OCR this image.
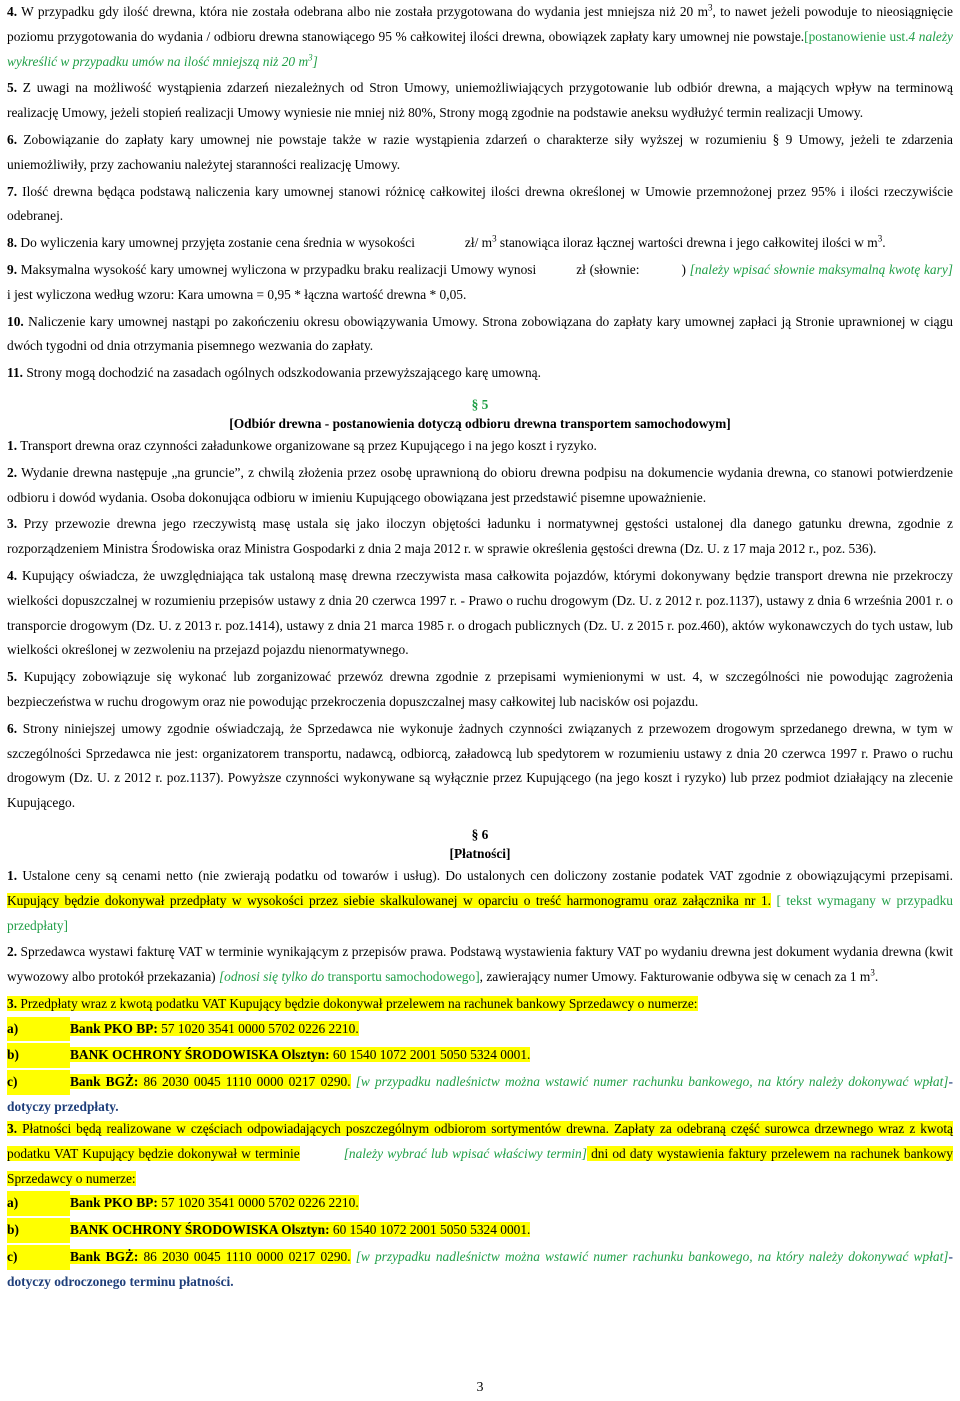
4. W przypadku gdy ilość drewna, która nie została odebrana albo nie została przygotowana do wydania jest mniejsza niż 20 $m^3$, to nawet jeżeli powoduje to nieosiągnięcie poziomu przygotowania do wydania / odbioru drewna stanowiącego 95 % całkowitej ilości drewna, obowiązek zapłaty kary umownej nie powstaje.[postanowienie ust.4 należy wykreślić w przypadku umów na ilość mniejszą niż 20 $m^3$]

5. Z uwagi na możliwość wystąpienia zdarzeń niezależnych od Stron Umowy, uniemożliwiających przygotowanie lub odbiór drewna, a mających wpływ na terminową realizację Umowy, jeżeli stopień realizacji Umowy wyniesie nie mniej niż 80%, Strony mogą zgodnie na podstawie aneksu wydłużyć termin realizacji Umowy.

6. Zobowiązanie do zapłaty kary umownej nie powstaje także w razie wystąpienia zdarzeń o charakterze siły wyższej w rozumieniu § 9 Umowy, jeżeli te zdarzenia uniemożliwiły, przy zachowaniu należytej staranności realizację Umowy.

7. Ilość drewna będąca podstawą naliczenia kary umownej stanowi różnicę całkowitej ilości drewna określonej w Umowie przemnożonej przez 95% i ilości rzeczywiście odebranej.

8. Do wyliczenia kary umownej przyjęta zostanie cena średnia w wysokości	zł/ $m^3$ stanowiąca iloraz łącznej wartości drewna i jego całkowitej ilości w $m^3$.

9. Maksymalna wysokość kary umownej wyliczona w przypadku braku realizacji Umowy wynosi	zł (słownie:	) [należy wpisać słownie maksymalną kwotę kary] i jest wyliczona według wzoru: Kara umowna = 0,95 * łączna wartość drewna * 0,05.

10. Naliczenie kary umownej nastąpi po zakończeniu okresu obowiązywania Umowy. Strona zobowiązana do zapłaty kary umownej zapłaci ją Stronie uprawnionej w ciągu dwóch tygodni od dnia otrzymania pisemnego wezwania do zapłaty.

11. Strony mogą dochodzić na zasadach ogólnych odszkodowania przewyższającego karę umowną.

§ 5

[Odbiór drewna - postanowienia dotyczą odbioru drewna transportem samochodowym]

1. Transport drewna oraz czynności załadunkowe organizowane są przez Kupującego i na jego koszt i ryzyko.

2. Wydanie drewna następuje „na gruncie”, z chwilą złożenia przez osobę uprawnioną do obioru drewna podpisu na dokumencie wydania drewna, co stanowi potwierdzenie odbioru i dowód wydania. Osoba dokonująca odbioru w imieniu Kupującego obowiązana jest przedstawić pisemne upoważnienie.

3. Przy przewozie drewna jego rzeczywistą masę ustala się jako iloczyn objętości ładunku i normatywnej gęstości ustalonej dla danego gatunku drewna, zgodnie z rozporządzeniem Ministra Środowiska oraz Ministra Gospodarki z dnia 2 maja 2012 r. w sprawie określenia gęstości drewna (Dz. U. z 17 maja 2012 r., poz. 536).

4. Kupujący oświadcza, że uwzględniająca tak ustaloną masę drewna rzeczywista masa całkowita pojazdów, którymi dokonywany będzie transport drewna nie przekroczy wielkości dopuszczalnej w rozumieniu przepisów ustawy z dnia 20 czerwca 1997 r. - Prawo o ruchu drogowym (Dz. U. z 2012 r. poz.1137), ustawy z dnia 6 września 2001 r. o transporcie drogowym (Dz. U. z 2013 r. poz.1414), ustawy z dnia 21 marca 1985 r. o drogach publicznych (Dz. U. z 2015 r. poz.460), aktów wykonawczych do tych ustaw, lub wielkości określonej w zezwoleniu na przejazd pojazdu nienormatywnego.

5. Kupujący zobowiązuje się wykonać lub zorganizować przewóz drewna zgodnie z przepisami wymienionymi w ust. 4, w szczególności nie powodując zagrożenia bezpieczeństwa w ruchu drogowym oraz nie powodując przekroczenia dopuszczalnej masy całkowitej lub nacisków osi pojazdu.

6. Strony niniejszej umowy zgodnie oświadczają, że Sprzedawca nie wykonuje żadnych czynności związanych z przewozem drogowym sprzedanego drewna, w tym w szczególności Sprzedawca nie jest: organizatorem transportu, nadawcą, odbiorcą, załadowcą lub spedytorem w rozumieniu ustawy z dnia 20 czerwca 1997 r. Prawo o ruchu drogowym (Dz. U. z 2012 r. poz.1137). Powyższe czynności wykonywane są wyłącznie przez Kupującego (na jego koszt i ryzyko) lub przez podmiot działający na zlecenie Kupującego.

§ 6

[Płatności]

1. Ustalone ceny są cenami netto (nie zwierają podatku od towarów i usług). Do ustalonych cen doliczony zostanie podatek VAT zgodnie z obowiązującymi przepisami. Kupujący będzie dokonywał przedpłaty w wysokości przez siebie skalkulowanej w oparciu o treść harmonogramu oraz załącznika nr 1. [ tekst wymagany w przypadku przedpłaty]

2. Sprzedawca wystawi fakturę VAT w terminie wynikającym z przepisów prawa. Podstawą wystawienia faktury VAT po wydaniu drewna jest dokument wydania drewna (kwit wywozowy albo protokół przekazania) [odnosi się tylko do transportu samochodowego], zawierający numer Umowy. Fakturowanie odbywa się w cenach za 1 $m^3$.

3. Przedpłaty wraz z kwotą podatku VAT Kupujący będzie dokonywał przelewem na rachunek bankowy Sprzedawcy o numerze:

a)	Bank PKO BP: 57 1020 3541 0000 5702 0226 2210.

b)	BANK OCHRONY ŚRODOWISKA Olsztyn: 60 1540 1072 2001 5050 5324 0001.

c)	Bank BGŻ: 86 2030 0045 1110 0000 0217 0290. [w przypadku nadleśnictw można wstawić numer rachunku bankowego, na który należy dokonywać wpłat]- dotyczy przedpłaty.

3. Płatności będą realizowane w częściach odpowiadających poszczególnym odbiorom sortymentów drewna. Zapłaty za odebraną część surowca drzewnego wraz z kwotą podatku VAT Kupujący będzie dokonywał w terminie	[należy wybrać lub wpisać właściwy termin] dni od daty wystawienia faktury przelewem na rachunek bankowy Sprzedawcy o numerze:

a)	Bank PKO BP: 57 1020 3541 0000 5702 0226 2210.

b)	BANK OCHRONY ŚRODOWISKA Olsztyn: 60 1540 1072 2001 5050 5324 0001.

c)	Bank BGŻ: 86 2030 0045 1110 0000 0217 0290. [w przypadku nadleśnictw można wstawić numer rachunku bankowego, na który należy dokonywać wpłat]- dotyczy odroczonego terminu płatności.

3
